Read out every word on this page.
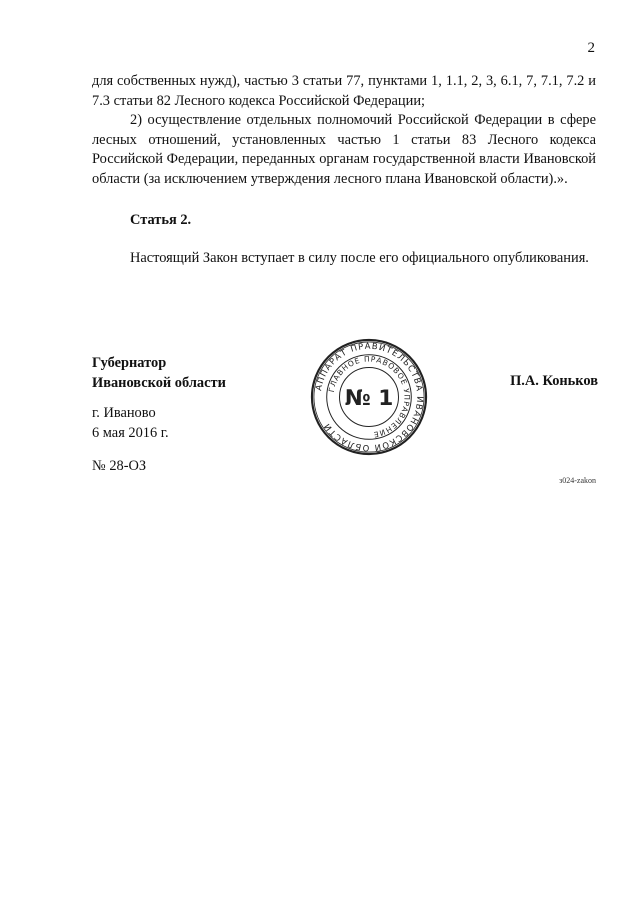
2

для собственных нужд), частью 3 статьи 77, пунктами 1, 1.1, 2, 3, 6.1, 7, 7.1, 7.2 и 7.3 статьи 82 Лесного кодекса Российской Федерации;

2) осуществление отдельных полномочий Российской Федерации в сфере лесных отношений, установленных частью 1 статьи 83 Лесного кодекса Российской Федерации, переданных органам государственной власти Ивановской области (за исключением утверждения лесного плана Ивановской области).».

Статья 2.

Настоящий Закон вступает в силу после его официального опубликования.

Губернатор
Ивановской области	П.А. Коньков
АППАРАТ ПРАВИТЕЛЬСТВА ИВАНОВСКОЙ ОБЛАСТИ
ГЛАВНОЕ ПРАВОВОЕ УПРАВЛЕНИЕ
№ 1
г. Иваново
6 мая 2016 г.
№ 28-ОЗ
з024-zakon
